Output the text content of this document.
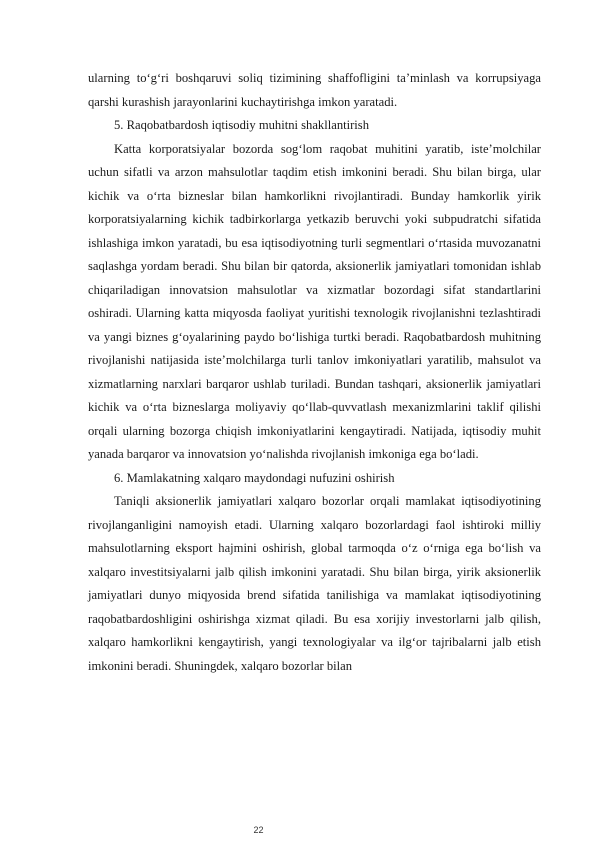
ularning to‘g‘ri boshqaruvi soliq tizimining shaffofligini ta’minlash va korrupsiyaga qarshi kurashish jarayonlarini kuchaytirishga imkon yaratadi.

5. Raqobatbardosh iqtisodiy muhitni shakllantirish

Katta korporatsiyalar bozorda sog‘lom raqobat muhitini yaratib, iste’molchilar uchun sifatli va arzon mahsulotlar taqdim etish imkonini beradi. Shu bilan birga, ular kichik va o‘rta bizneslar bilan hamkorlikni rivojlantiradi. Bunday hamkorlik yirik korporatsiyalarning kichik tadbirkorlarga yetkazib beruvchi yoki subpudratchi sifatida ishlashiga imkon yaratadi, bu esa iqtisodiyotning turli segmentlari o‘rtasida muvozanatni saqlashga yordam beradi. Shu bilan bir qatorda, aksionerlik jamiyatlari tomonidan ishlab chiqariladigan innovatsion mahsulotlar va xizmatlar bozordagi sifat standartlarini oshiradi. Ularning katta miqyosda faoliyat yuritishi texnologik rivojlanishni tezlashtiradi va yangi biznes g‘oyalarining paydo bo‘lishiga turtki beradi. Raqobatbardosh muhitning rivojlanishi natijasida iste’molchilarga turli tanlov imkoniyatlari yaratilib, mahsulot va xizmatlarning narxlari barqaror ushlab turiladi. Bundan tashqari, aksionerlik jamiyatlari kichik va o‘rta bizneslarga moliyaviy qo‘llab-quvvatlash mexanizmlarini taklif qilishi orqali ularning bozorga chiqish imkoniyatlarini kengaytiradi. Natijada, iqtisodiy muhit yanada barqaror va innovatsion yo‘nalishda rivojlanish imkoniga ega bo‘ladi.

6. Mamlakatning xalqaro maydondagi nufuzini oshirish

Taniqli aksionerlik jamiyatlari xalqaro bozorlar orqali mamlakat iqtisodiyotining rivojlanganligini namoyish etadi. Ularning xalqaro bozorlardagi faol ishtiroki milliy mahsulotlarning eksport hajmini oshirish, global tarmoqda o‘z o‘rniga ega bo‘lish va xalqaro investitsiyalarni jalb qilish imkonini yaratadi. Shu bilan birga, yirik aksionerlik jamiyatlari dunyo miqyosida brend sifatida tanilishiga va mamlakat iqtisodiyotining raqobatbardoshligini oshirishga xizmat qiladi. Bu esa xorijiy investorlarni jalb qilish, xalqaro hamkorlikni kengaytirish, yangi texnologiyalar va ilg‘or tajribalarni jalb etish imkonini beradi. Shuningdek, xalqaro bozorlar bilan

22
